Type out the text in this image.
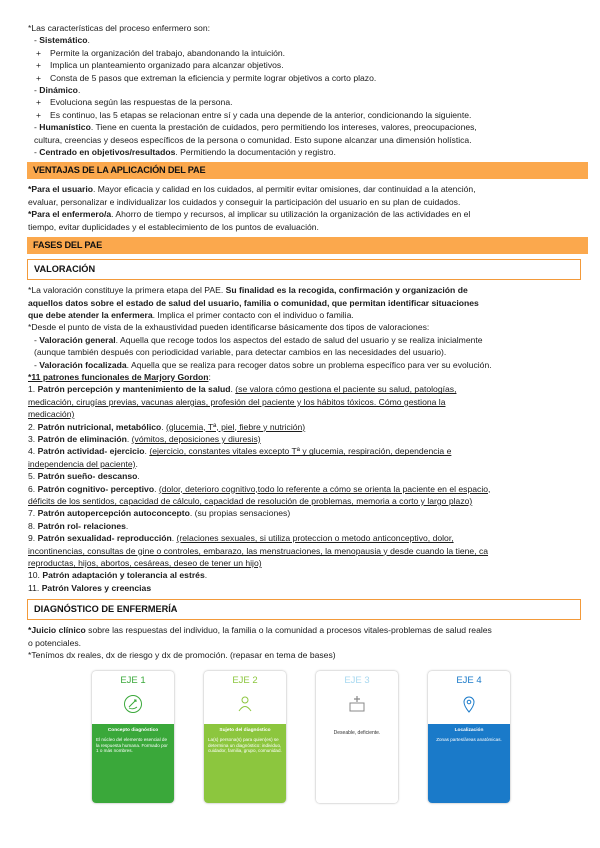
*Las características del proceso enfermero son:

- Sistemático.

+ Permite la organización del trabajo, abandonando la intuición.

+ Implica un planteamiento organizado para alcanzar objetivos.

+ Consta de 5 pasos que extreman la eficiencia y permite lograr objetivos a corto plazo.

- Dinámico.

+ Evoluciona según las respuestas de la persona.

+ Es continuo, las 5 etapas se relacionan entre sí y cada una depende de la anterior, condicionando la siguiente.

- Humanístico. Tiene en cuenta la prestación de cuidados, pero permitiendo los intereses, valores, preocupaciones,

cultura, creencias y deseos específicos de la persona o comunidad. Esto supone alcanzar una dimensión holística.

- Centrado en objetivos/resultados. Permitiendo la documentación y registro.

VENTAJAS DE LA APLICACIÓN DEL PAE

*Para el usuario. Mayor eficacia y calidad en los cuidados, al permitir evitar omisiones, dar continuidad a la atención,

evaluar, personalizar e individualizar los cuidados y conseguir la participación del usuario en su plan de cuidados.

*Para el enfermero/a. Ahorro de tiempo y recursos, al implicar su utilización la organización de las actividades en el

tiempo, evitar duplicidades y el establecimiento de los puntos de evaluación.

FASES DEL PAE
VALORACIÓN

*La valoración constituye la primera etapa del PAE. Su finalidad es la recogida, confirmación y organización de

aquellos datos sobre el estado de salud del usuario, familia o comunidad, que permitan identificar situaciones

que debe atender la enfermera. Implica el primer contacto con el individuo o familia.

*Desde el punto de vista de la exhaustividad pueden identificarse básicamente dos tipos de valoraciones:

- Valoración general. Aquella que recoge todos los aspectos del estado de salud del usuario y se realiza inicialmente

(aunque también después con periodicidad variable, para detectar cambios en las necesidades del usuario).

- Valoración focalizada. Aquella que se realiza para recoger datos sobre un problema específico para ver su evolución.

*11 patrones funcionales de Marjory Gordon:

1. Patrón percepción y mantenimiento de la salud. (se valora cómo gestiona el paciente su salud, patologías,

medicación, cirugías previas, vacunas alergias, profesión del paciente y los hábitos tóxicos. Cómo gestiona la

medicación)

2. Patrón nutricional, metabólico. (glucemia, Tª, piel, fiebre y nutrición)

3. Patrón de eliminación. (vómitos, deposiciones y diuresis)

4. Patrón actividad- ejercicio. (ejercicio, constantes vitales excepto Tª y glucemia, respiración, dependencia e

independencia del paciente).

5. Patrón sueño- descanso.

6. Patrón cognitivo- perceptivo. (dolor, deterioro cognitivo,todo lo referente a cómo se orienta la paciente en el espacio,

déficits de los sentidos, capacidad de cálculo, capacidad de resolución de problemas, memoria a corto y largo plazo)

7. Patrón autopercepción autoconcepto. (su propias sensaciones)

8. Patrón rol- relaciones.

9. Patrón sexualidad- reproducción. (relaciones sexuales, si utiliza proteccion o metodo anticonceptivo, dolor,

incontinencias, consultas de gine o controles, embarazo, las menstruaciones, la menopausia y desde cuando la tiene, ca

reproductas, hijos, abortos, cesáreas, deseo de tener un hijo)

10. Patrón adaptación y tolerancia al estrés.

11. Patrón Valores y creencias

DIAGNÓSTICO DE ENFERMERÍA

*Juicio clínico sobre las respuestas del individuo, la familia o la comunidad a procesos vitales-problemas de salud reales

o potenciales.

*Tenímos dx reales, dx de riesgo y dx de promoción. (repasar en tema de bases)

EJE 1
Concepto diagnóstico
El núcleo del elemento esencial de la respuesta humana. Formado por 1 o más nombres.
EJE 2
Sujeto del diagnóstico
La(s) persona(s) para quien(es) se determina un diagnóstico: individuo, cuidador, familia, grupo, comunidad.
EJE 3
Deseable, deficiente.
EJE 4
Localización
Zonas partes/áreas anatómicas.
